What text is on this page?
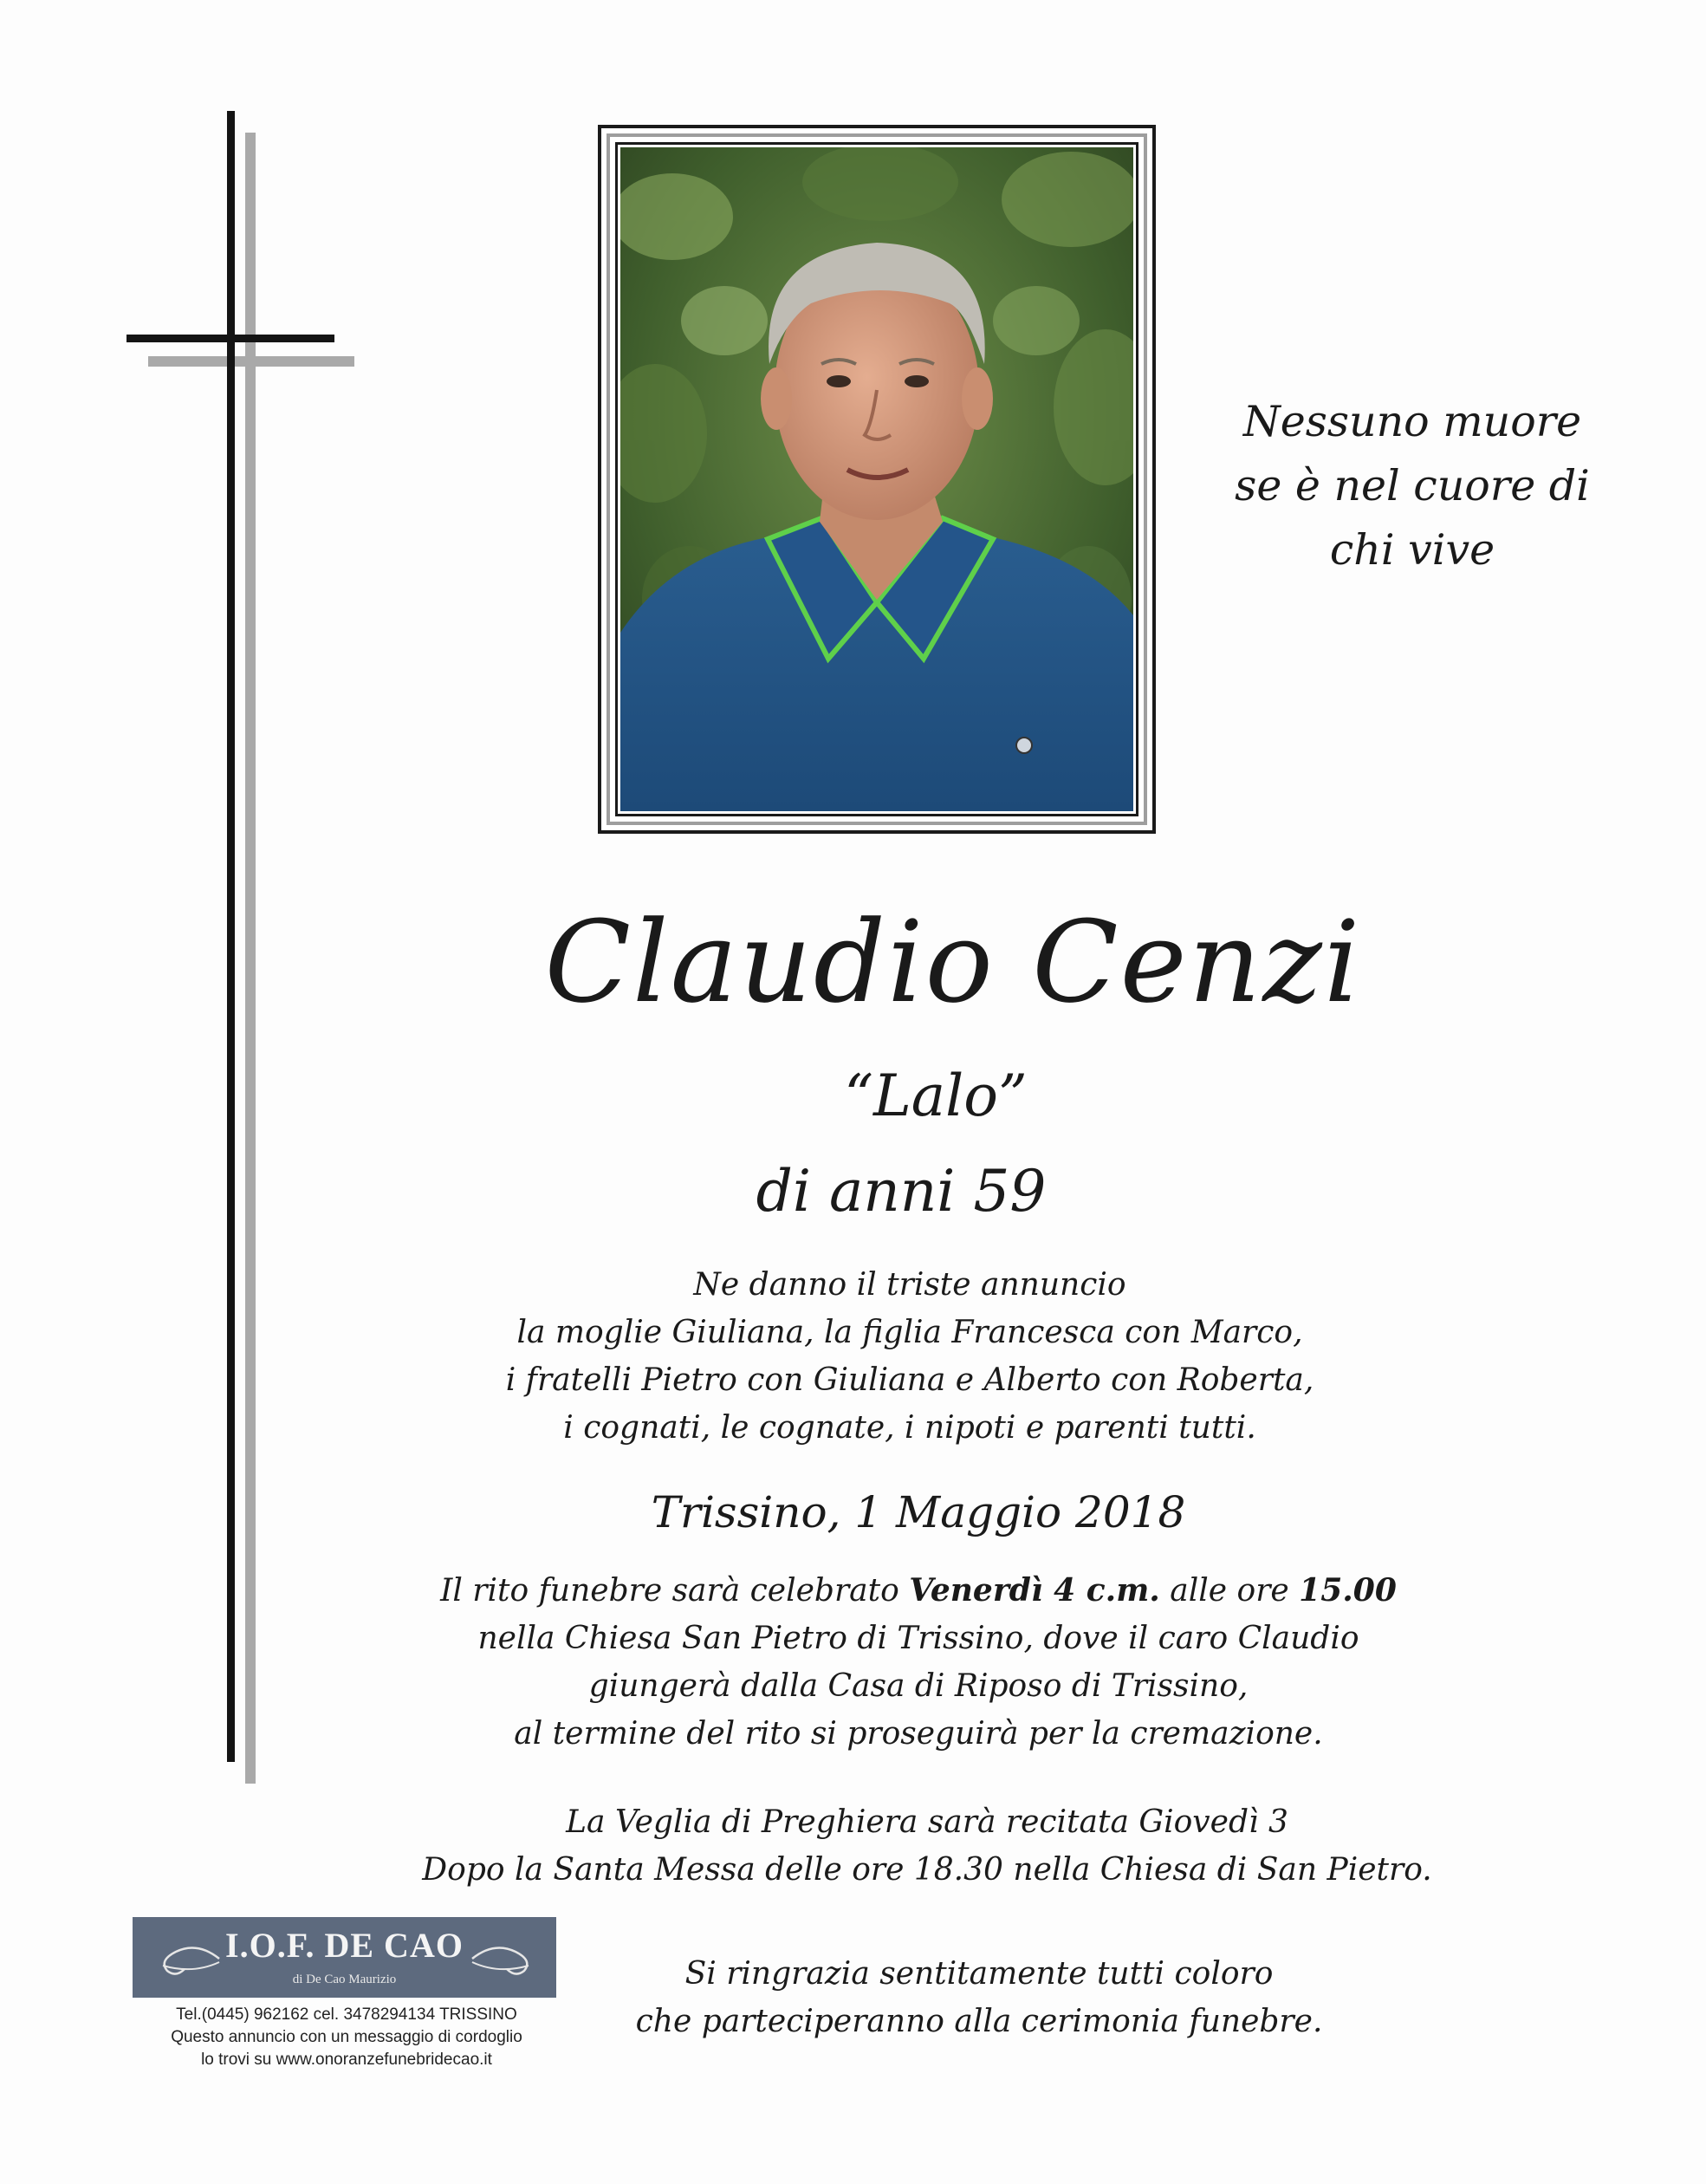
Nessuno muore
se è nel cuore di
chi vive
Claudio Cenzi
“Lalo”
di anni 59
Ne danno il triste annuncio
la moglie Giuliana, la figlia Francesca con Marco,
i fratelli Pietro con Giuliana e Alberto con Roberta,
i cognati, le cognate, i nipoti e parenti tutti.
Trissino, 1 Maggio 2018
Il rito funebre sarà celebrato Venerdì 4 c.m. alle ore 15.00
nella Chiesa San Pietro di Trissino, dove il caro Claudio
giungerà dalla Casa di Riposo di Trissino,
al termine del rito si proseguirà per la cremazione.
La Veglia di Preghiera sarà recitata Giovedì 3
Dopo la Santa Messa delle ore 18.30 nella Chiesa di San Pietro.
Si ringrazia sentitamente tutti coloro
che parteciperanno alla cerimonia funebre.
I.O.F. DE CAO
di De Cao Maurizio
Tel.(0445) 962162 cel. 3478294134 TRISSINO
Questo annuncio con un messaggio di cordoglio
lo trovi su www.onoranzefunebridecao.it
